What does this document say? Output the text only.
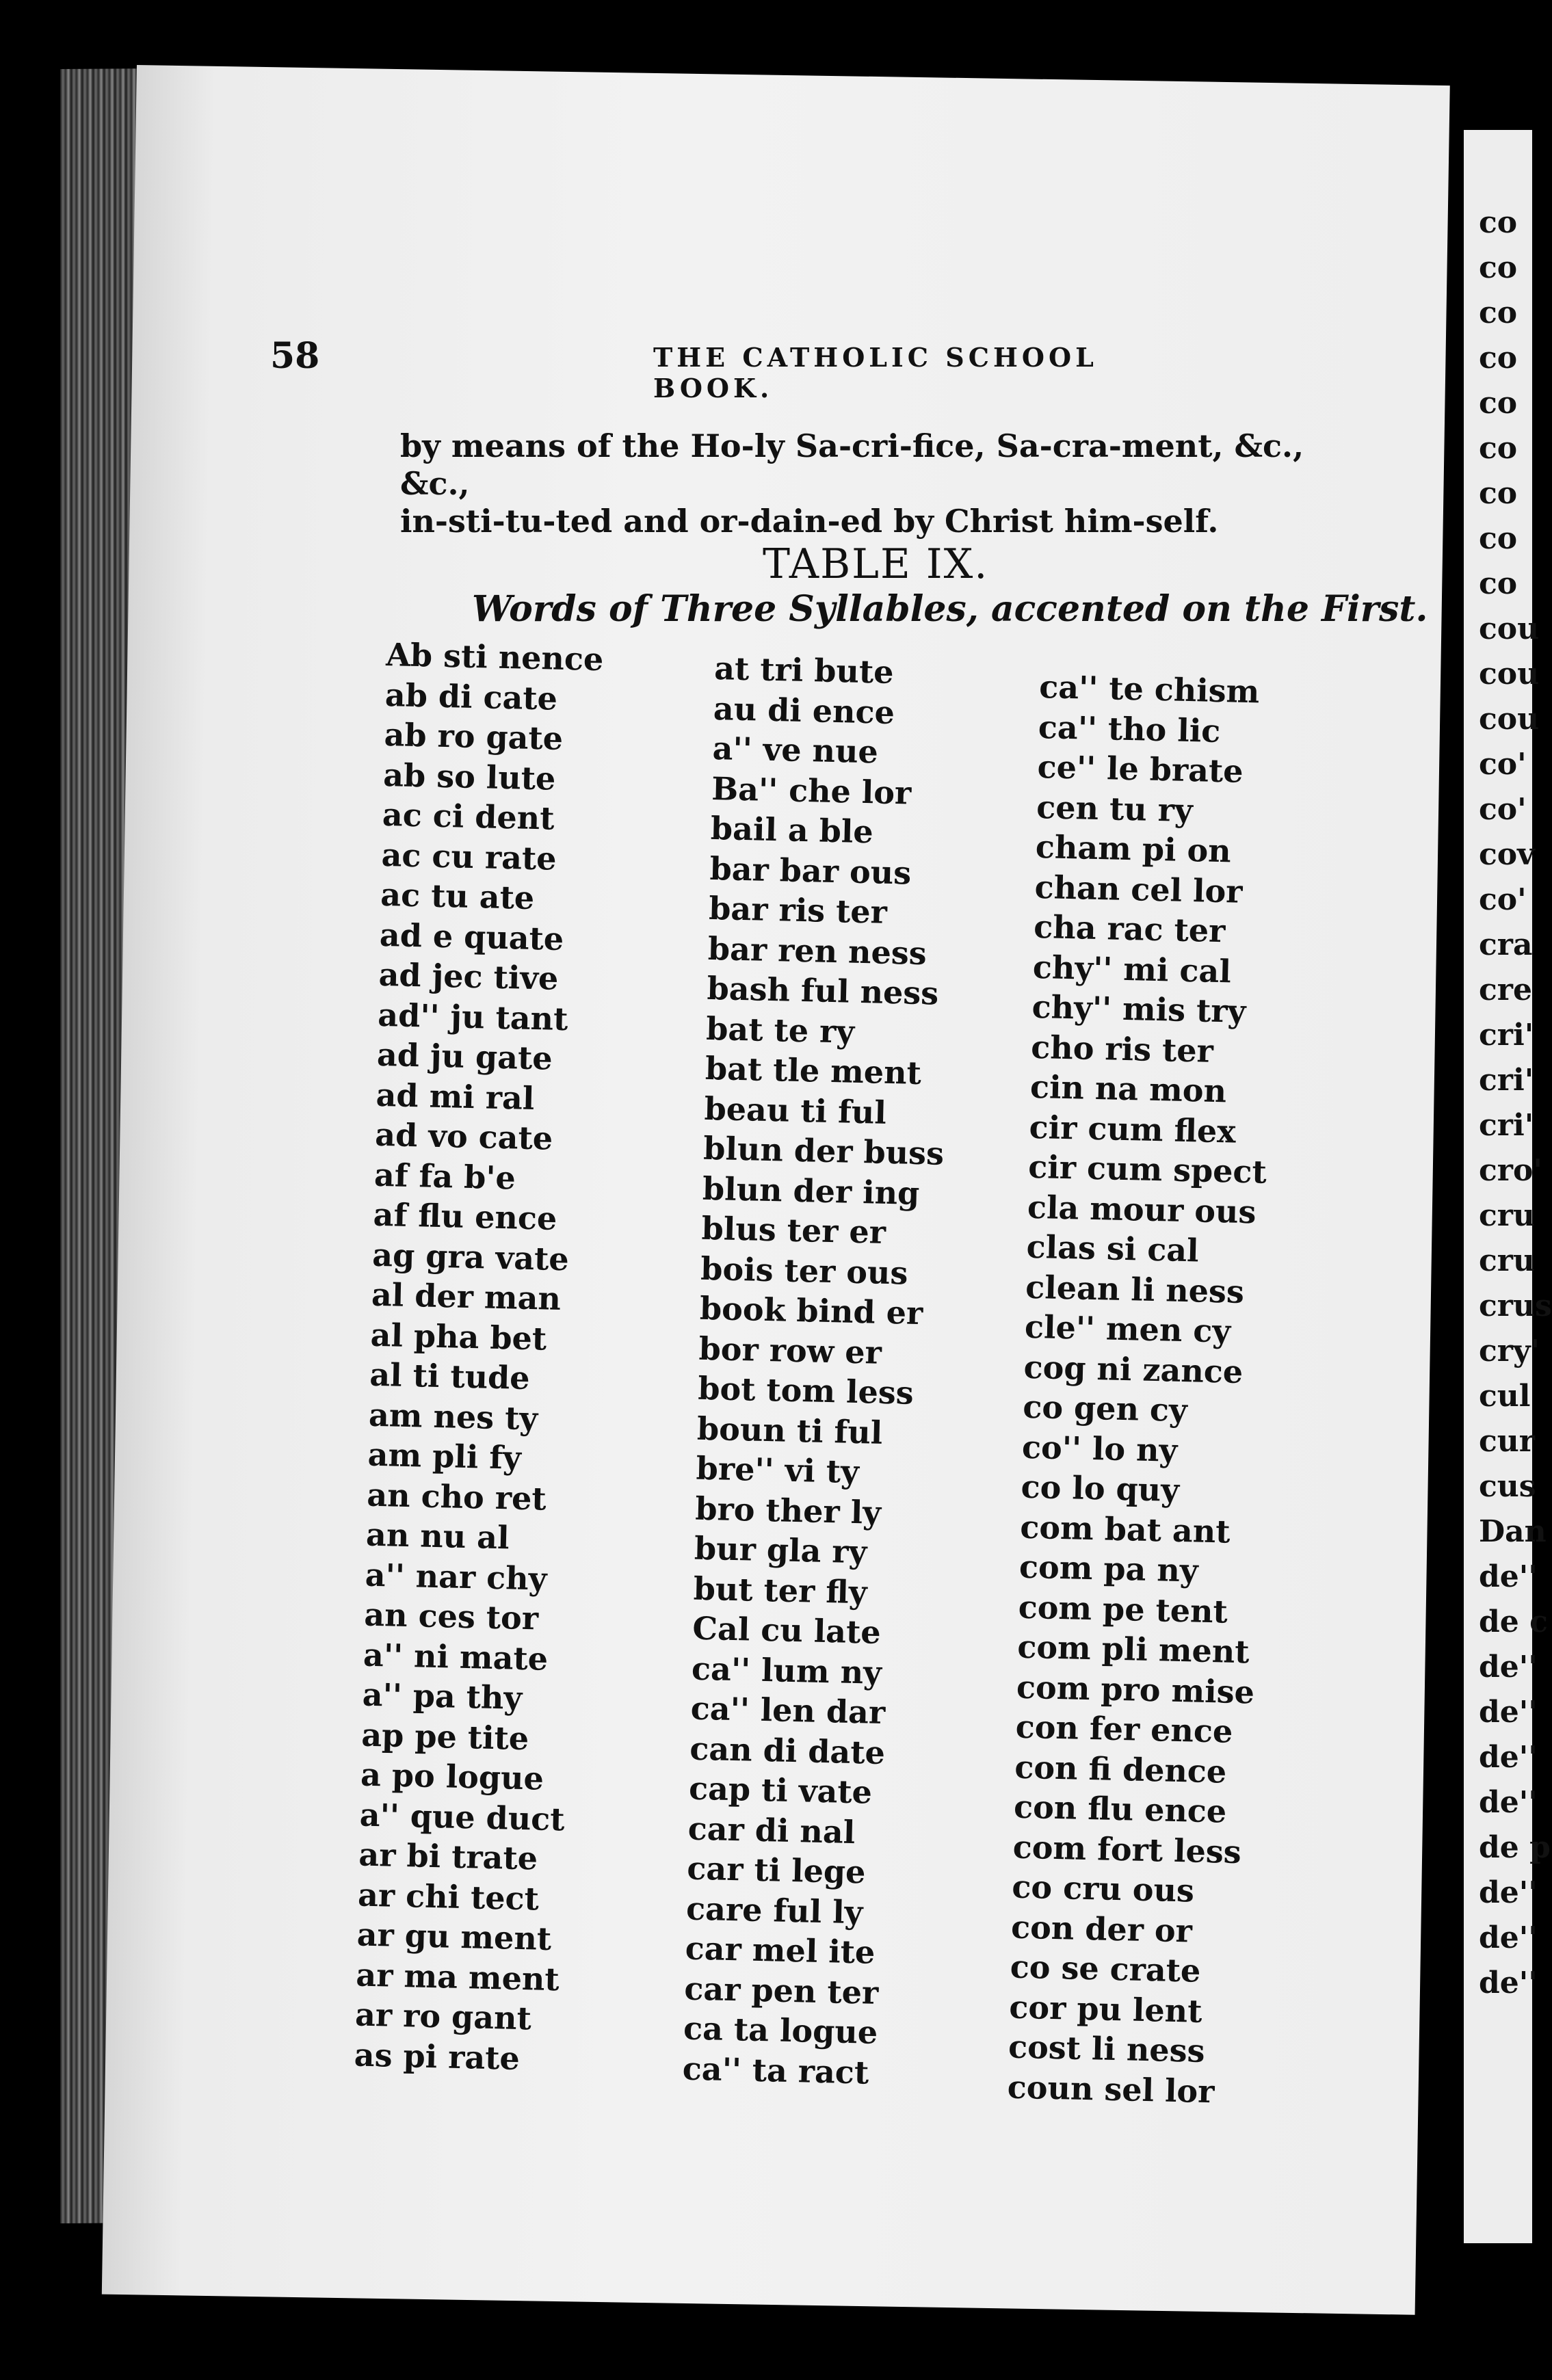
co
co
co
co
co
co
co
co
co
cou
cou
cou
co'
co'
cov
co'
cra
cre
cri'
cri'
cri'
cro'
cru
cru
crus
cry'
cul
cur
cus
Dan
de''
de c
de''
de''
de''
de''
de p
de''
de''
de''
58	THE CATHOLIC SCHOOL BOOK.
by means of the Ho-ly Sa-cri-fice, Sa-cra-ment, &c., &c.,
in-sti-tu-ted and or-dain-ed by Christ him-self.
TABLE IX.
Words of Three Syllables, accented on the First.
Ab sti nence
ab di cate
ab ro gate
ab so lute
ac ci dent
ac cu rate
ac tu ate
ad e quate
ad jec tive
ad'' ju tant
ad ju gate
ad mi ral
ad vo cate
af fa b'e
af flu ence
ag gra vate
al der man
al pha bet
al ti tude
am nes ty
am pli fy
an cho ret
an nu al
a'' nar chy
an ces tor
a'' ni mate
a'' pa thy
ap pe tite
a po logue
a'' que duct
ar bi trate
ar chi tect
ar gu ment
ar ma ment
ar ro gant
as pi rate
at tri bute
au di ence
a'' ve nue
Ba'' che lor
bail a ble
bar bar ous
bar ris ter
bar ren ness
bash ful ness
bat te ry
bat tle ment
beau ti ful
blun der buss
blun der ing
blus ter er
bois ter ous
book bind er
bor row er
bot tom less
boun ti ful
bre'' vi ty
bro ther ly
bur gla ry
but ter fly
Cal cu late
ca'' lum ny
ca'' len dar
can di date
cap ti vate
car di nal
car ti lege
care ful ly
car mel ite
car pen ter
ca ta logue
ca'' ta ract
ca'' te chism
ca'' tho lic
ce'' le brate
cen tu ry
cham pi on
chan cel lor
cha rac ter
chy'' mi cal
chy'' mis try
cho ris ter
cin na mon
cir cum flex
cir cum spect
cla mour ous
clas si cal
clean li ness
cle'' men cy
cog ni zance
co gen cy
co'' lo ny
co lo quy
com bat ant
com pa ny
com pe tent
com pli ment
com pro mise
con fer ence
con fi dence
con flu ence
com fort less
co cru ous
con der or
co se crate
cor pu lent
cost li ness
coun sel lor
